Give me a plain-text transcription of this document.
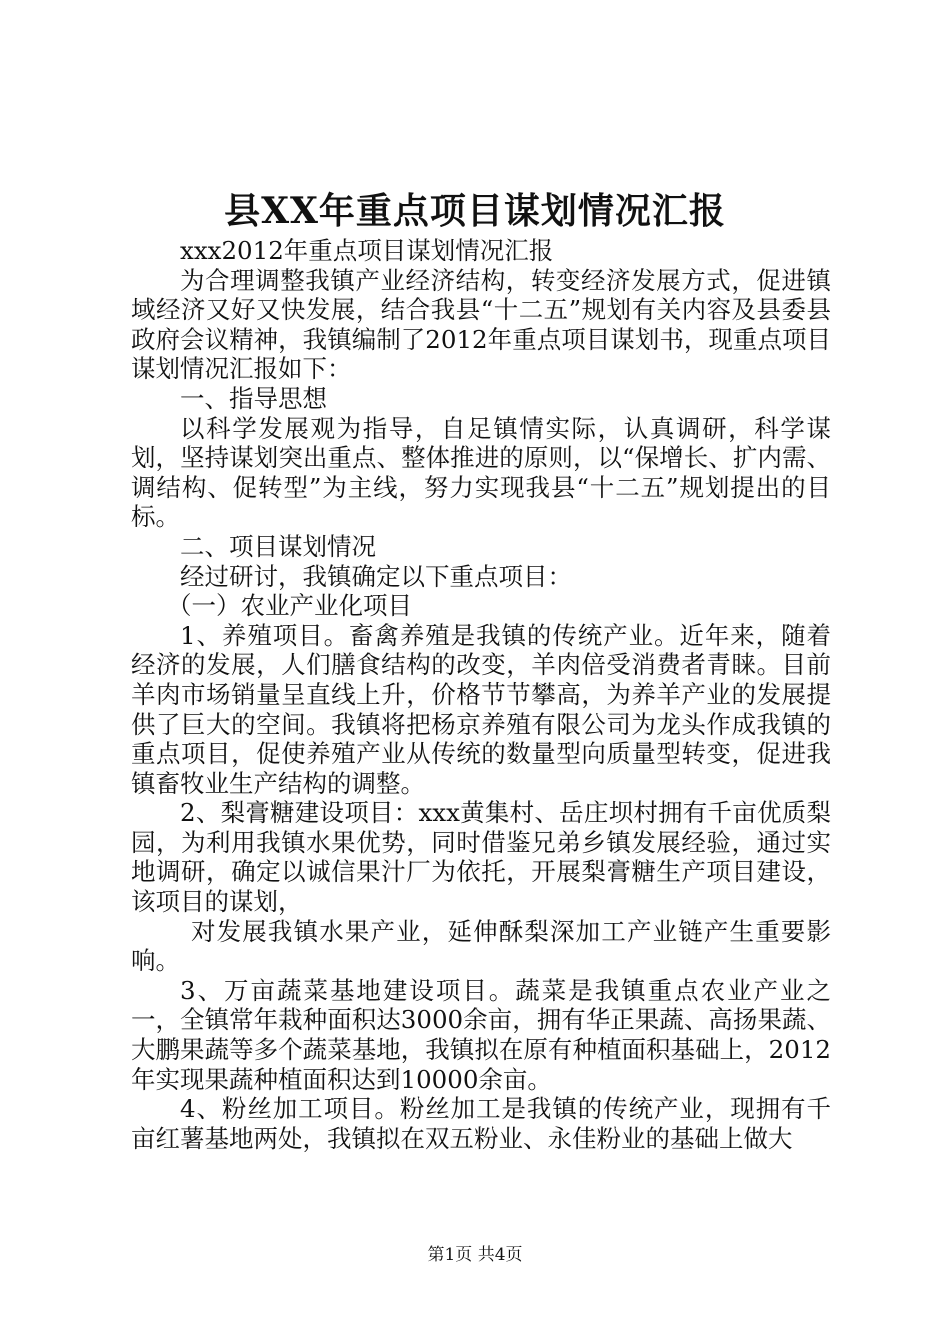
县XX年重点项目谋划情况汇报

xxx2012年重点项目谋划情况汇报

为合理调整我镇产业经济结构，转变经济发展方式，促进镇域经济又好又快发展，结合我县“十二五”规划有关内容及县委县政府会议精神，我镇编制了2012年重点项目谋划书，现重点项目谋划情况汇报如下：

一、指导思想

以科学发展观为指导，自足镇情实际，认真调研，科学谋划，坚持谋划突出重点、整体推进的原则，以“保增长、扩内需、调结构、促转型”为主线，努力实现我县“十二五”规划提出的目标。

二、项目谋划情况

经过研讨，我镇确定以下重点项目：

（一）农业产业化项目

1、养殖项目。畜禽养殖是我镇的传统产业。近年来，随着经济的发展，人们膳食结构的改变，羊肉倍受消费者青睐。目前羊肉市场销量呈直线上升，价格节节攀高，为养羊产业的发展提供了巨大的空间。我镇将把杨京养殖有限公司为龙头作成我镇的重点项目，促使养殖产业从传统的数量型向质量型转变，促进我镇畜牧业生产结构的调整。

2、梨膏糖建设项目：xxx黄集村、岳庄坝村拥有千亩优质梨园，为利用我镇水果优势，同时借鉴兄弟乡镇发展经验，通过实地调研，确定以诚信果汁厂为依托，开展梨膏糖生产项目建设，该项目的谋划，

对发展我镇水果产业，延伸酥梨深加工产业链产生重要影响。

3、万亩蔬菜基地建设项目。蔬菜是我镇重点农业产业之一，全镇常年栽种面积达3000余亩，拥有华正果蔬、高扬果蔬、大鹏果蔬等多个蔬菜基地，我镇拟在原有种植面积基础上，2012年实现果蔬种植面积达到10000余亩。

4、粉丝加工项目。粉丝加工是我镇的传统产业，现拥有千亩红薯基地两处，我镇拟在双五粉业、永佳粉业的基础上做大

第1页 共4页
